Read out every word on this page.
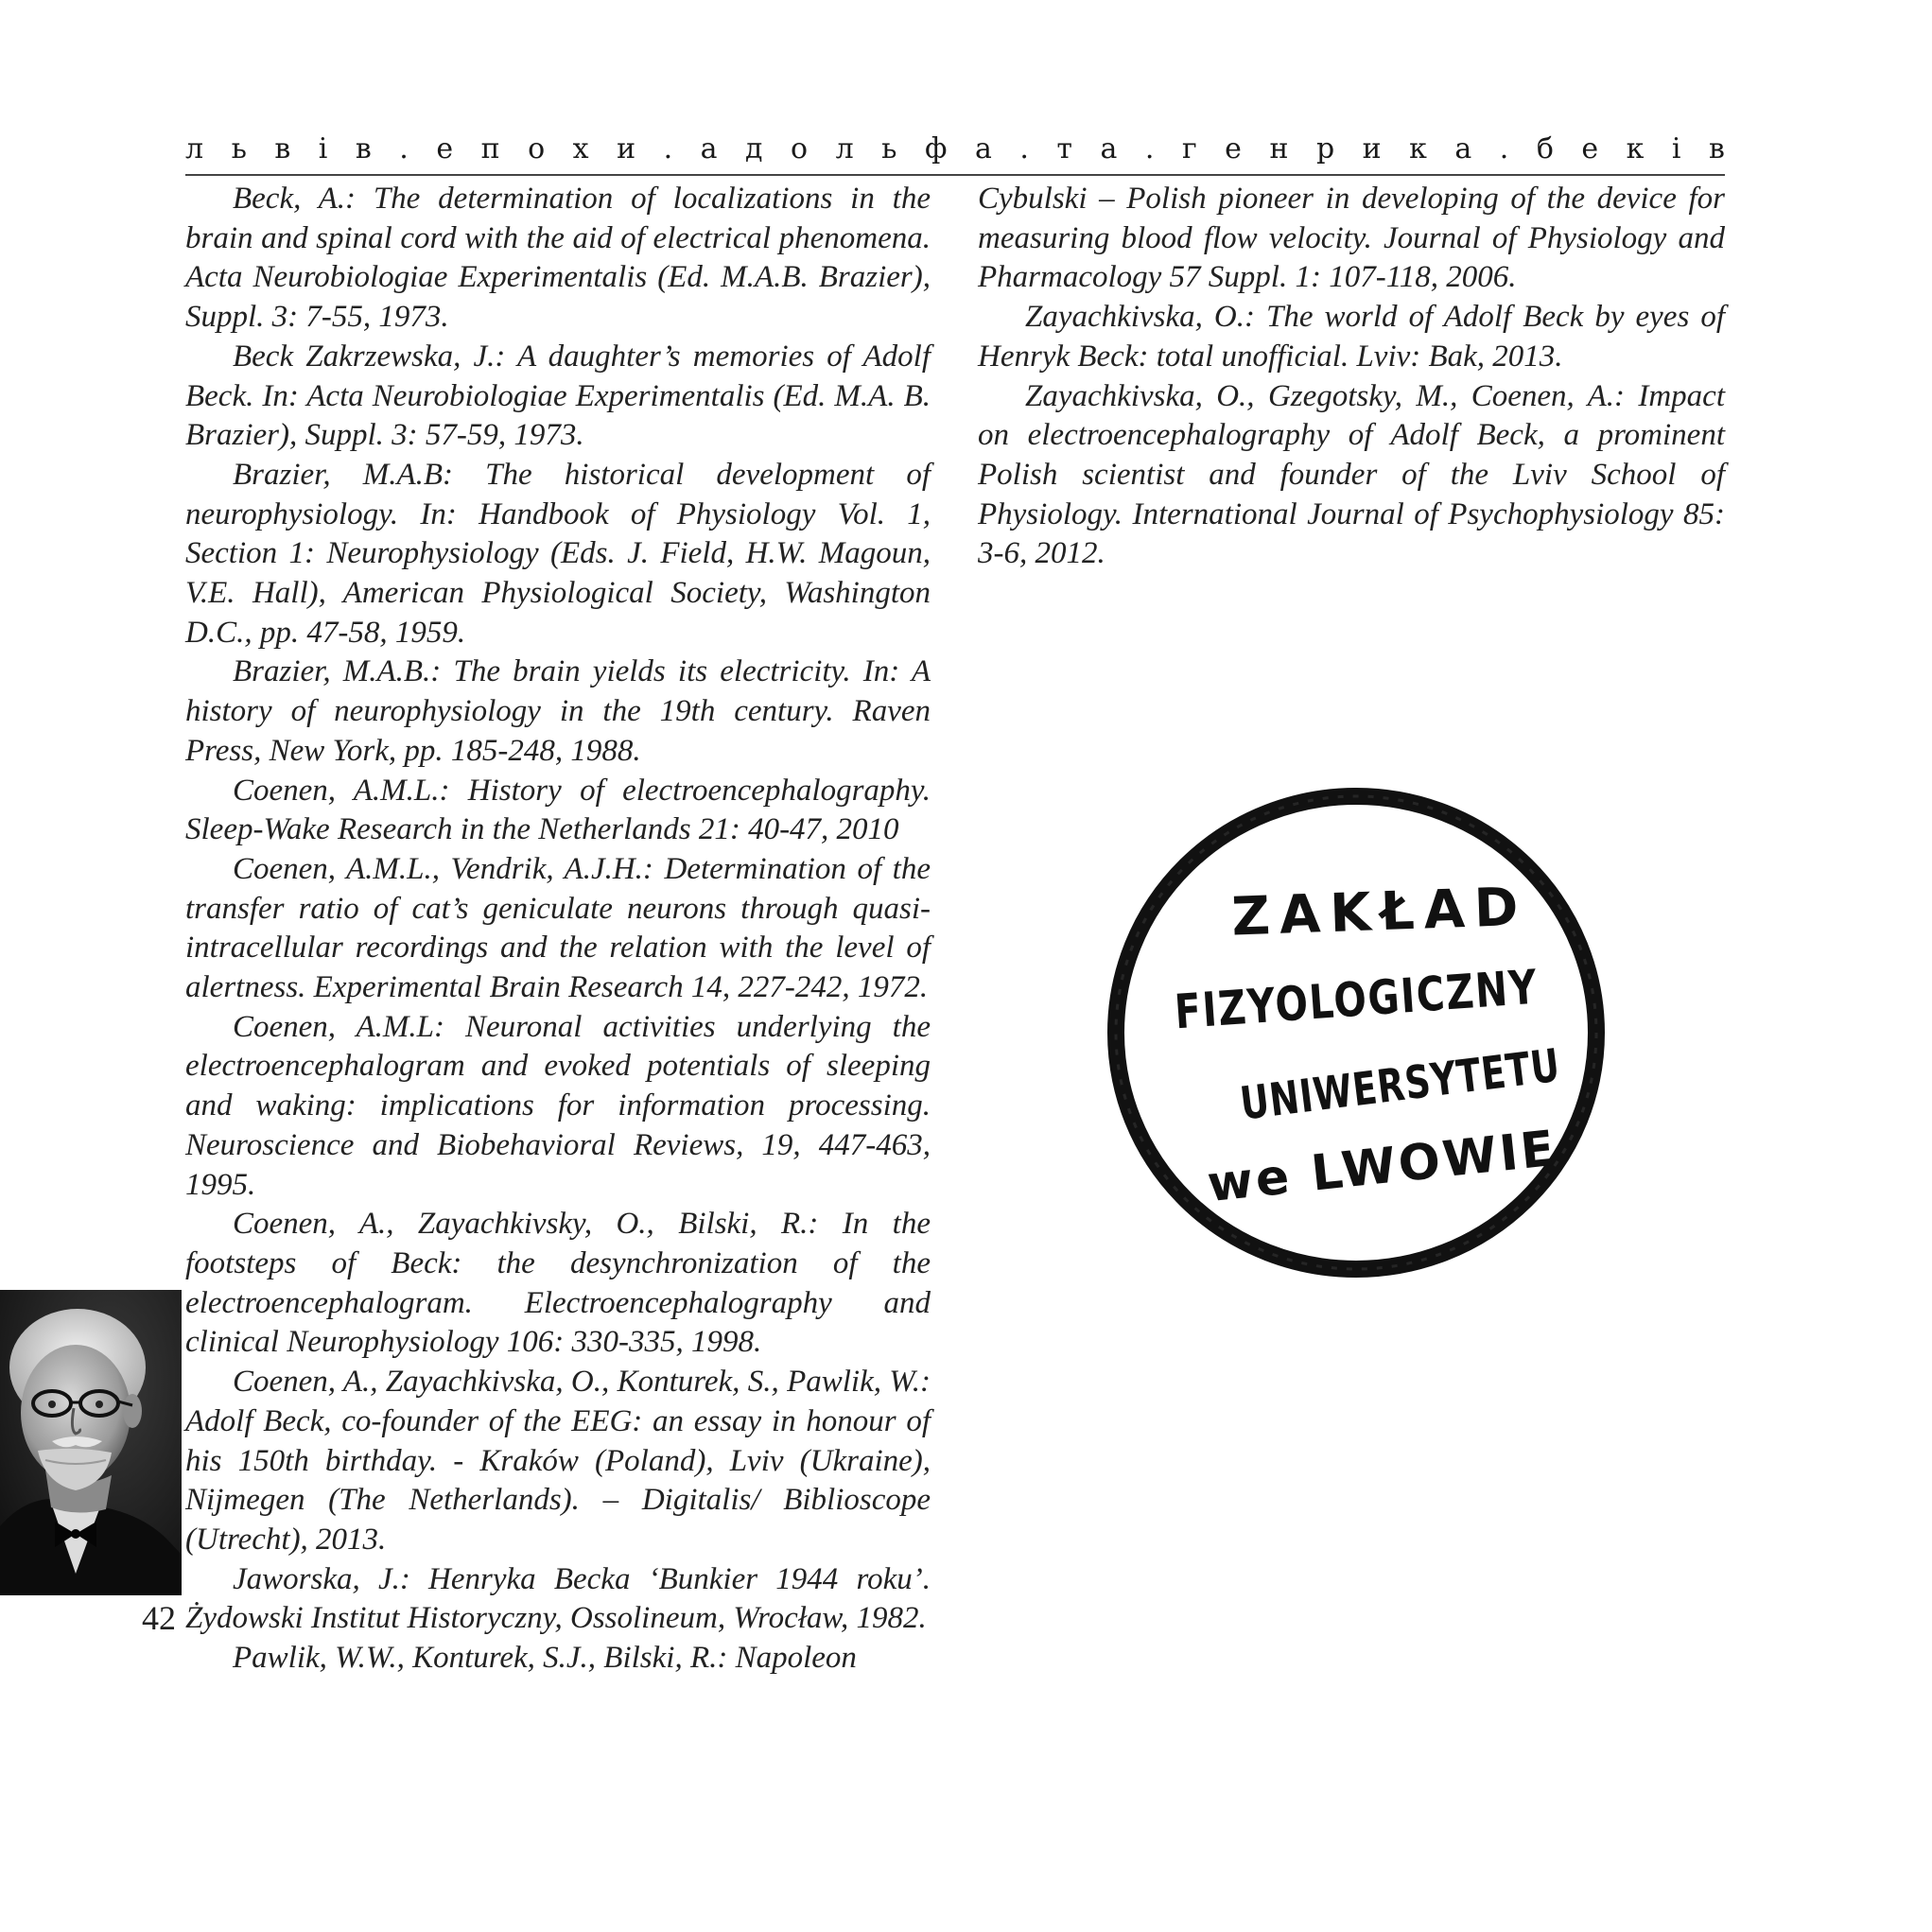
л ь в і в . е п о х и . а д о л ь ф а . т а . г е н р и к а . б е к і в

Beck, A.: The determination of localizations in the brain and spinal cord with the aid of electrical phenomena. Acta Neurobiologiae Experimentalis (Ed. M.A.B. Brazier), Suppl. 3: 7-55, 1973.

Beck Zakrzewska, J.: A daughter’s memories of Adolf Beck. In: Acta Neurobiologiae Experimentalis (Ed. M.A. B. Brazier), Suppl. 3: 57-59, 1973.

Brazier, M.A.B: The historical development of neurophysiology. In: Handbook of Physiology Vol. 1, Section 1: Neurophysiology (Eds. J. Field, H.W. Magoun, V.E. Hall), American Physiological Society, Washington D.C., pp. 47-58, 1959.

Brazier, M.A.B.: The brain yields its electricity. In: A history of neurophysiology in the 19th century. Raven Press, New York, pp. 185-248, 1988.

Coenen, A.M.L.: History of electroencephalography. Sleep-Wake Research in the Netherlands 21: 40-47, 2010

Coenen, A.M.L., Vendrik, A.J.H.: Determination of the transfer ratio of cat’s geniculate neurons through quasi-intracellular recordings and the relation with the level of alertness. Experimental Brain Research 14, 227-242, 1972.

Coenen, A.M.L: Neuronal activities underlying the electroencephalogram and evoked potentials of sleeping and waking: implications for information processing. Neuroscience and Biobehavioral Reviews, 19, 447-463, 1995.

Coenen, A., Zayachkivsky, O., Bilski, R.: In the footsteps of Beck: the desynchronization of the electroencephalogram. Electroencephalography and clinical Neurophysiology 106: 330-335, 1998.

Coenen, A., Zayachkivska, O., Konturek, S., Pawlik, W.: Adolf Beck, co-founder of the EEG: an essay in honour of his 150th birthday. - Kraków (Poland), Lviv (Ukraine), Nijmegen (The Netherlands). – Digitalis/ Biblioscope (Utrecht), 2013.

Jaworska, J.: Henryka Becka ‘Bunkier 1944 roku’. Żydowski Institut Historyczny, Ossolineum, Wrocław, 1982.

Pawlik, W.W., Konturek, S.J., Bilski, R.: Napoleon

Cybulski – Polish pioneer in developing of the device for measuring blood flow velocity. Journal of Physiology and Pharmacology 57 Suppl. 1: 107-118, 2006.

Zayachkivska, O.: The world of Adolf Beck by eyes of Henryk Beck: total unofficial. Lviv: Bak, 2013.

Zayachkivska, O., Gzegotsky, M., Coenen, A.: Impact on electroencephalography of Adolf Beck, a prominent Polish scientist and founder of the Lviv School of Physiology. International Journal of Psychophysiology 85: 3-6, 2012.

42
ZAKŁAD
FIZYOLOGICZNY
UNIWERSYTETU
we LWOWIE
